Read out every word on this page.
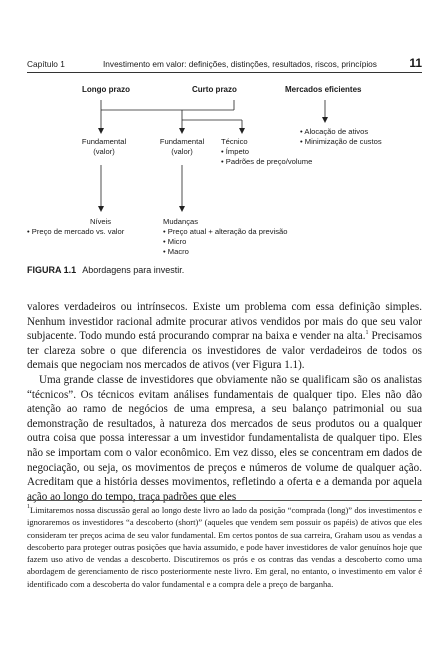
Capítulo 1	Investimento em valor: definições, distinções, resultados, riscos, princípios	11
Longo prazo	Curto prazo	Mercados eficientes
Fundamental
(valor)
Fundamental
(valor)
Técnico
• Ímpeto
• Padrões de preço/volume
• Alocação de ativos
• Minimização de custos
Níveis
• Preço de mercado vs. valor
Mudanças
• Preço atual + alteração da previsão
• Micro
• Macro
FIGURA 1.1 Abordagens para investir.

valores verdadeiros ou intrínsecos. Existe um problema com essa definição simples. Nenhum investidor racional admite procurar ativos vendidos por mais do que seu valor subjacente. Todo mundo está procurando comprar na baixa e vender na alta.$^1$ Precisamos ter clareza sobre o que diferencia os investidores de valor verdadeiros de todos os demais que negociam nos mercados de ativos (ver Figura 1.1).

Uma grande classe de investidores que obviamente não se qualificam são os analistas “técnicos”. Os técnicos evitam análises fundamentais de qualquer tipo. Eles não dão atenção ao ramo de negócios de uma empresa, a seu balanço patrimonial ou sua demonstração de resultados, à natureza dos mercados de seus produtos ou a qualquer outra coisa que possa interessar a um investidor fundamentalista de qualquer tipo. Eles não se importam com o valor econômico. Em vez disso, eles se concentram em dados de negociação, ou seja, os movimentos de preços e números de volume de qualquer ação. Acreditam que a história desses movimentos, refletindo a oferta e a demanda por aquela ação ao longo do tempo, traça padrões que eles

$^1$Limitaremos nossa discussão geral ao longo deste livro ao lado da posição “comprada (long)” dos investimentos e ignoraremos os investidores “a descoberto (short)” (aqueles que vendem sem possuir os papéis) de ativos que eles consideram ter preços acima de seu valor fundamental. Em certos pontos de sua carreira, Graham usou as vendas a descoberto para proteger outras posições que havia assumido, e pode haver investidores de valor genuínos hoje que fazem uso ativo de vendas a descoberto. Discutiremos os prós e os contras das vendas a descoberto como uma abordagem de gerenciamento de risco posteriormente neste livro. Em geral, no entanto, o investimento em valor é identificado com a descoberta do valor fundamental e a compra dele a preço de barganha.
